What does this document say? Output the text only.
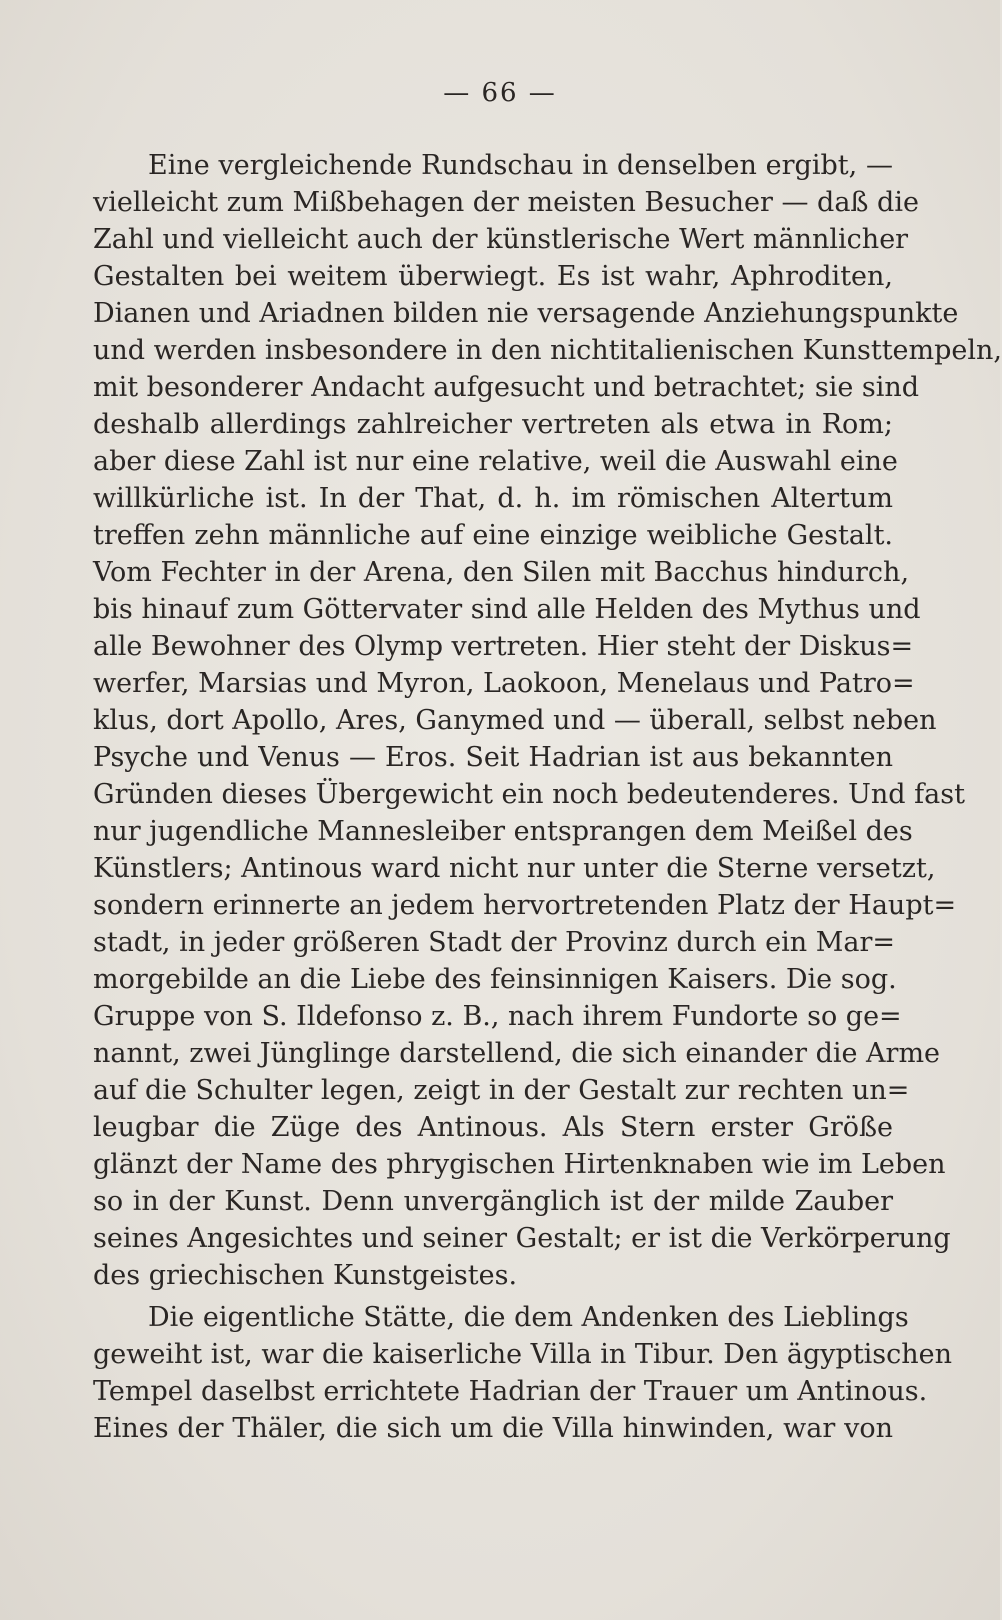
— 66 —
Eine vergleichende Rundschau in denselben ergibt, —
vielleicht zum Mißbehagen der meisten Besucher — daß die
Zahl und vielleicht auch der künstlerische Wert männlicher
Gestalten bei weitem überwiegt. Es ist wahr, Aphroditen,
Dianen und Ariadnen bilden nie versagende Anziehungspunkte
und werden insbesondere in den nichtitalienischen Kunsttempeln,
mit besonderer Andacht aufgesucht und betrachtet; sie sind
deshalb allerdings zahlreicher vertreten als etwa in Rom;
aber diese Zahl ist nur eine relative, weil die Auswahl eine
willkürliche ist. In der That, d. h. im römischen Altertum
treffen zehn männliche auf eine einzige weibliche Gestalt.
Vom Fechter in der Arena, den Silen mit Bacchus hindurch,
bis hinauf zum Göttervater sind alle Helden des Mythus und
alle Bewohner des Olymp vertreten. Hier steht der Diskus=
werfer, Marsias und Myron, Laokoon, Menelaus und Patro=
klus, dort Apollo, Ares, Ganymed und — überall, selbst neben
Psyche und Venus — Eros. Seit Hadrian ist aus bekannten
Gründen dieses Übergewicht ein noch bedeutenderes. Und fast
nur jugendliche Mannesleiber entsprangen dem Meißel des
Künstlers; Antinous ward nicht nur unter die Sterne versetzt,
sondern erinnerte an jedem hervortretenden Platz der Haupt=
stadt, in jeder größeren Stadt der Provinz durch ein Mar=
morgebilde an die Liebe des feinsinnigen Kaisers. Die sog.
Gruppe von S. Ildefonso z. B., nach ihrem Fundorte so ge=
nannt, zwei Jünglinge darstellend, die sich einander die Arme
auf die Schulter legen, zeigt in der Gestalt zur rechten un=
leugbar die Züge des Antinous. Als Stern erster Größe
glänzt der Name des phrygischen Hirtenknaben wie im Leben
so in der Kunst. Denn unvergänglich ist der milde Zauber
seines Angesichtes und seiner Gestalt; er ist die Verkörperung
des griechischen Kunstgeistes.
Die eigentliche Stätte, die dem Andenken des Lieblings
geweiht ist, war die kaiserliche Villa in Tibur. Den ägyptischen
Tempel daselbst errichtete Hadrian der Trauer um Antinous.
Eines der Thäler, die sich um die Villa hinwinden, war von
